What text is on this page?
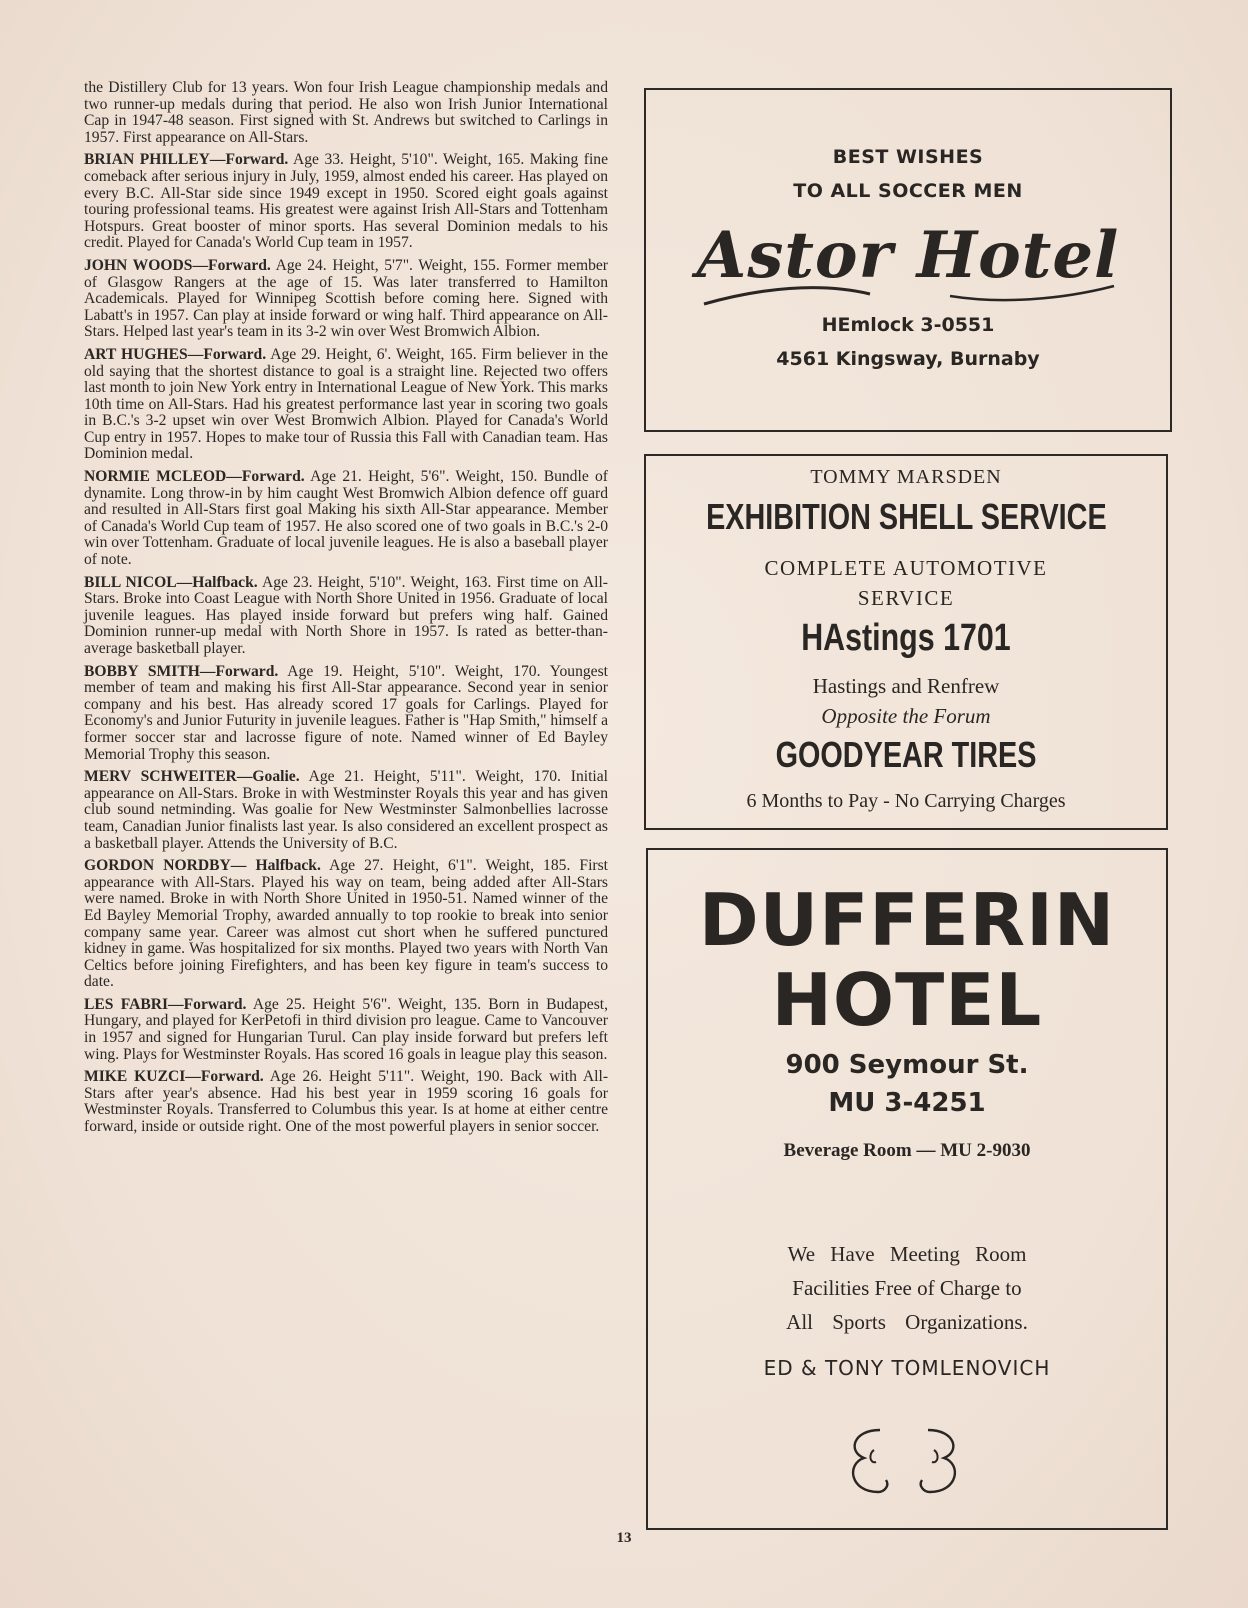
the Distillery Club for 13 years. Won four Irish League championship medals and two runner-up medals during that period. He also won Irish Junior International Cap in 1947-48 season. First signed with St. Andrews but switched to Carlings in 1957. First appearance on All-Stars.

BRIAN PHILLEY—Forward. Age 33. Height, 5'10". Weight, 165. Making fine comeback after serious injury in July, 1959, almost ended his career. Has played on every B.C. All-Star side since 1949 except in 1950. Scored eight goals against touring professional teams. His greatest were against Irish All-Stars and Tottenham Hotspurs. Great booster of minor sports. Has several Dominion medals to his credit. Played for Canada's World Cup team in 1957.

JOHN WOODS—Forward. Age 24. Height, 5'7". Weight, 155. Former member of Glasgow Rangers at the age of 15. Was later transferred to Hamilton Academicals. Played for Winnipeg Scottish before coming here. Signed with Labatt's in 1957. Can play at inside forward or wing half. Third appearance on All-Stars. Helped last year's team in its 3-2 win over West Bromwich Albion.

ART HUGHES—Forward. Age 29. Height, 6'. Weight, 165. Firm believer in the old saying that the shortest distance to goal is a straight line. Rejected two offers last month to join New York entry in International League of New York. This marks 10th time on All-Stars. Had his greatest performance last year in scoring two goals in B.C.'s 3-2 upset win over West Bromwich Albion. Played for Canada's World Cup entry in 1957. Hopes to make tour of Russia this Fall with Canadian team. Has Dominion medal.

NORMIE MCLEOD—Forward. Age 21. Height, 5'6". Weight, 150. Bundle of dynamite. Long throw-in by him caught West Bromwich Albion defence off guard and resulted in All-Stars first goal Making his sixth All-Star appearance. Member of Canada's World Cup team of 1957. He also scored one of two goals in B.C.'s 2-0 win over Tottenham. Graduate of local juvenile leagues. He is also a baseball player of note.

BILL NICOL—Halfback. Age 23. Height, 5'10". Weight, 163. First time on All-Stars. Broke into Coast League with North Shore United in 1956. Graduate of local juvenile leagues. Has played inside forward but prefers wing half. Gained Dominion runner-up medal with North Shore in 1957. Is rated as better-than-average basketball player.

BOBBY SMITH—Forward. Age 19. Height, 5'10". Weight, 170. Youngest member of team and making his first All-Star appearance. Second year in senior company and his best. Has already scored 17 goals for Carlings. Played for Economy's and Junior Futurity in juvenile leagues. Father is "Hap Smith," himself a former soccer star and lacrosse figure of note. Named winner of Ed Bayley Memorial Trophy this season.

MERV SCHWEITER—Goalie. Age 21. Height, 5'11". Weight, 170. Initial appearance on All-Stars. Broke in with Westminster Royals this year and has given club sound netminding. Was goalie for New Westminster Salmonbellies lacrosse team, Canadian Junior finalists last year. Is also considered an excellent prospect as a basketball player. Attends the University of B.C.

GORDON NORDBY— Halfback. Age 27. Height, 6'1". Weight, 185. First appearance with All-Stars. Played his way on team, being added after All-Stars were named. Broke in with North Shore United in 1950-51. Named winner of the Ed Bayley Memorial Trophy, awarded annually to top rookie to break into senior company same year. Career was almost cut short when he suffered punctured kidney in game. Was hospitalized for six months. Played two years with North Van Celtics before joining Firefighters, and has been key figure in team's success to date.

LES FABRI—Forward. Age 25. Height 5'6". Weight, 135. Born in Budapest, Hungary, and played for KerPetofi in third division pro league. Came to Vancouver in 1957 and signed for Hungarian Turul. Can play inside forward but prefers left wing. Plays for Westminster Royals. Has scored 16 goals in league play this season.

MIKE KUZCI—Forward. Age 26. Height 5'11". Weight, 190. Back with All-Stars after year's absence. Had his best year in 1959 scoring 16 goals for Westminster Royals. Transferred to Columbus this year. Is at home at either centre forward, inside or outside right. One of the most powerful players in senior soccer.

BEST WISHES
TO ALL SOCCER MEN
Astor Hotel
HEmlock 3-0551
4561 Kingsway, Burnaby
TOMMY MARSDEN
EXHIBITION SHELL SERVICE
COMPLETE AUTOMOTIVE
SERVICE
HAstings 1701
Hastings and Renfrew
Opposite the Forum
GOODYEAR TIRES
6 Months to Pay - No Carrying Charges
DUFFERIN
HOTEL
900 Seymour St.
MU 3-4251
Beverage Room — MU 2-9030
We Have Meeting Room
Facilities Free of Charge to
All Sports Organizations.
ED & TONY TOMLENOVICH
13
